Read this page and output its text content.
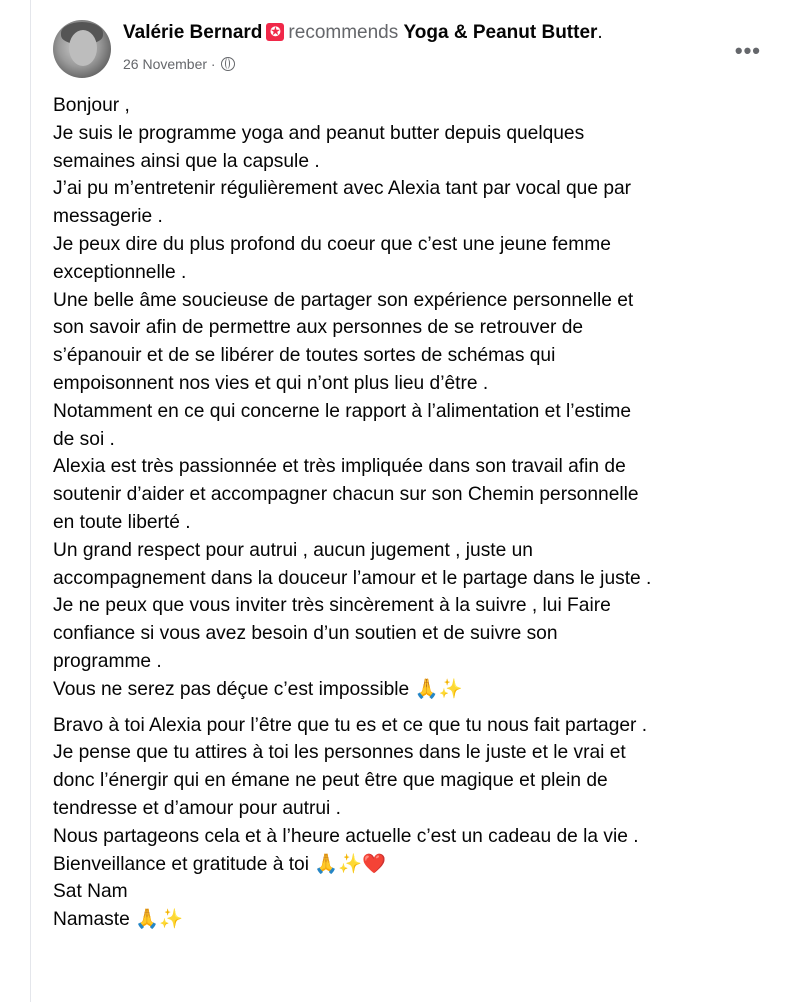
Valérie Bernard ✪ recommends Yoga & Peanut Butter.
26 November ·
•••

Bonjour ,
Je suis le programme yoga and peanut butter depuis quelques
semaines ainsi que la capsule .
J’ai pu m’entretenir régulièrement avec Alexia tant par vocal que par
messagerie .
Je peux dire du plus profond du coeur que c’est une jeune femme
exceptionnelle .
Une belle âme soucieuse de partager son expérience personnelle et
son savoir afin de permettre aux personnes de se retrouver de
s’épanouir et de se libérer de toutes sortes de schémas qui
empoisonnent nos vies et qui n’ont plus lieu d’être .
Notamment en ce qui concerne le rapport à l’alimentation et l’estime
de soi .
Alexia est très passionnée et très impliquée dans son travail afin de
soutenir d’aider et accompagner chacun sur son Chemin personnelle
en toute liberté .
Un grand respect pour autrui , aucun jugement , juste un
accompagnement dans la douceur l’amour et le partage dans le juste .
Je ne peux que vous inviter très sincèrement à la suivre , lui Faire
confiance si vous avez besoin d’un soutien et de suivre son
programme .
Vous ne serez pas déçue c’est impossible 🙏✨

Bravo à toi Alexia pour l’être que tu es et ce que tu nous fait partager .
Je pense que tu attires à toi les personnes dans le juste et le vrai et
donc l’énergir qui en émane ne peut être que magique et plein de
tendresse et d’amour pour autrui .
Nous partageons cela et à l’heure actuelle c’est un cadeau de la vie .
Bienveillance et gratitude à toi 🙏✨❤️
Sat Nam
Namaste 🙏✨
